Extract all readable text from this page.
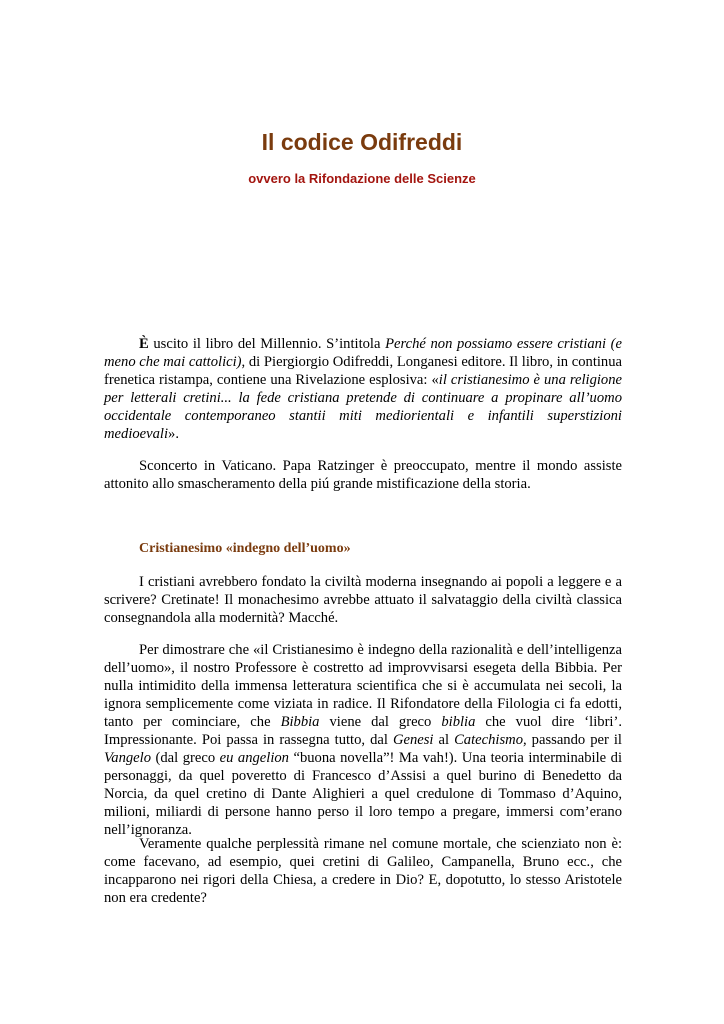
Il codice Odifreddi
ovvero la Rifondazione delle Scienze

È uscito il libro del Millennio. S’intitola Perché non possiamo essere cristiani (e meno che mai cattolici), di Piergiorgio Odifreddi, Longanesi editore. Il libro, in continua frenetica ristampa, contiene una Rivelazione esplosiva: «il cristianesimo è una religione per letterali cretini... la fede cristiana pretende di continuare a propinare all’uomo occidentale contemporaneo stantii miti mediorientali e infantili superstizioni medioevali».

Sconcerto in Vaticano. Papa Ratzinger è preoccupato, mentre il mondo assiste attonito allo smascheramento della piú grande mistificazione della storia.

Cristianesimo «indegno dell’uomo»

I cristiani avrebbero fondato la civiltà moderna insegnando ai popoli a leggere e a scrivere? Cretinate! Il monachesimo avrebbe attuato il salvataggio della civiltà classica consegnandola alla modernità? Macché.

Per dimostrare che «il Cristianesimo è indegno della razionalità e dell’intelligenza dell’uomo», il nostro Professore è costretto ad improvvisarsi esegeta della Bibbia. Per nulla intimidito della immensa letteratura scientifica che si è accumulata nei secoli, la ignora semplicemente come viziata in radice. Il Rifondatore della Filologia ci fa edotti, tanto per cominciare, che Bibbia viene dal greco biblia che vuol dire ‘libri’. Impressionante. Poi passa in rassegna tutto, dal Genesi al Catechismo, passando per il Vangelo (dal greco eu angelion “buona novella”! Ma vah!). Una teoria interminabile di personaggi, da quel poveretto di Francesco d’Assisi a quel burino di Benedetto da Norcia, da quel cretino di Dante Alighieri a quel credulone di Tommaso d’Aquino, milioni, miliardi di persone hanno perso il loro tempo a pregare, immersi com’erano nell’ignoranza.

Veramente qualche perplessità rimane nel comune mortale, che scienziato non è: come facevano, ad esempio, quei cretini di Galileo, Campanella, Bruno ecc., che incapparono nei rigori della Chiesa, a credere in Dio? E, dopotutto, lo stesso Aristotele non era credente?
